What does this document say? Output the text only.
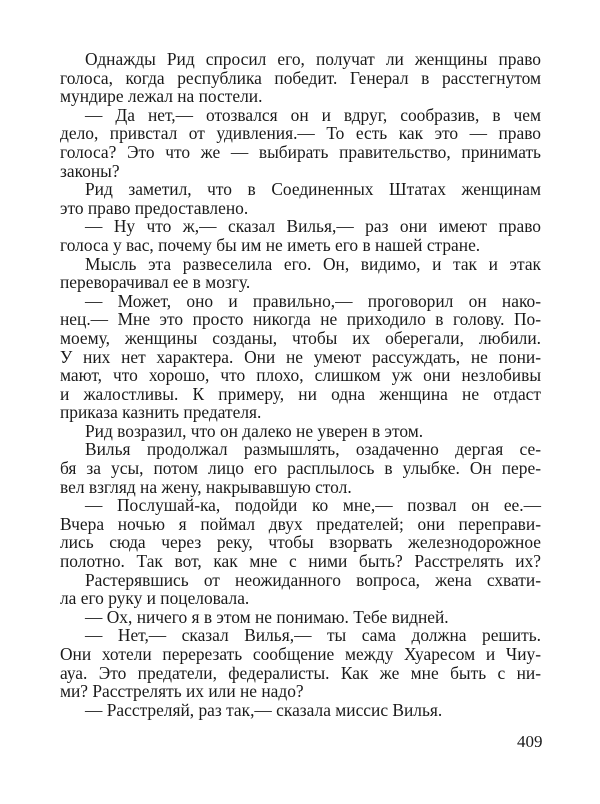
Однажды Рид спросил его, получат ли женщины право
голоса, когда республика победит. Генерал в расстегнутом
мундире лежал на постели.
— Да нет,— отозвался он и вдруг, сообразив, в чем
дело, привстал от удивления.— То есть как это — право
голоса? Это что же — выбирать правительство, принимать
законы?
Рид заметил, что в Соединенных Штатах женщинам
это право предоставлено.
— Ну что ж,— сказал Вилья,— раз они имеют право
голоса у вас, почему бы им не иметь его в нашей стране.
Мысль эта развеселила его. Он, видимо, и так и этак
переворачивал ее в мозгу.
— Может, оно и правильно,— проговорил он нако-
нец.— Мне это просто никогда не приходило в голову. По-
моему, женщины созданы, чтобы их оберегали, любили.
У них нет характера. Они не умеют рассуждать, не пони-
мают, что хорошо, что плохо, слишком уж они незлобивы
и жалостливы. К примеру, ни одна женщина не отдаст
приказа казнить предателя.
Рид возразил, что он далеко не уверен в этом.
Вилья продолжал размышлять, озадаченно дергая се-
бя за усы, потом лицо его расплылось в улыбке. Он пере-
вел взгляд на жену, накрывавшую стол.
— Послушай-ка, подойди ко мне,— позвал он ее.—
Вчера ночью я поймал двух предателей; они переправи-
лись сюда через реку, чтобы взорвать железнодорожное
полотно. Так вот, как мне с ними быть? Расстрелять их?
Растерявшись от неожиданного вопроса, жена схвати-
ла его руку и поцеловала.
— Ох, ничего я в этом не понимаю. Тебе видней.
— Нет,— сказал Вилья,— ты сама должна решить.
Они хотели перерезать сообщение между Хуаресом и Чиу-
ауа. Это предатели, федералисты. Как же мне быть с ни-
ми? Расстрелять их или не надо?
— Расстреляй, раз так,— сказала миссис Вилья.
409
